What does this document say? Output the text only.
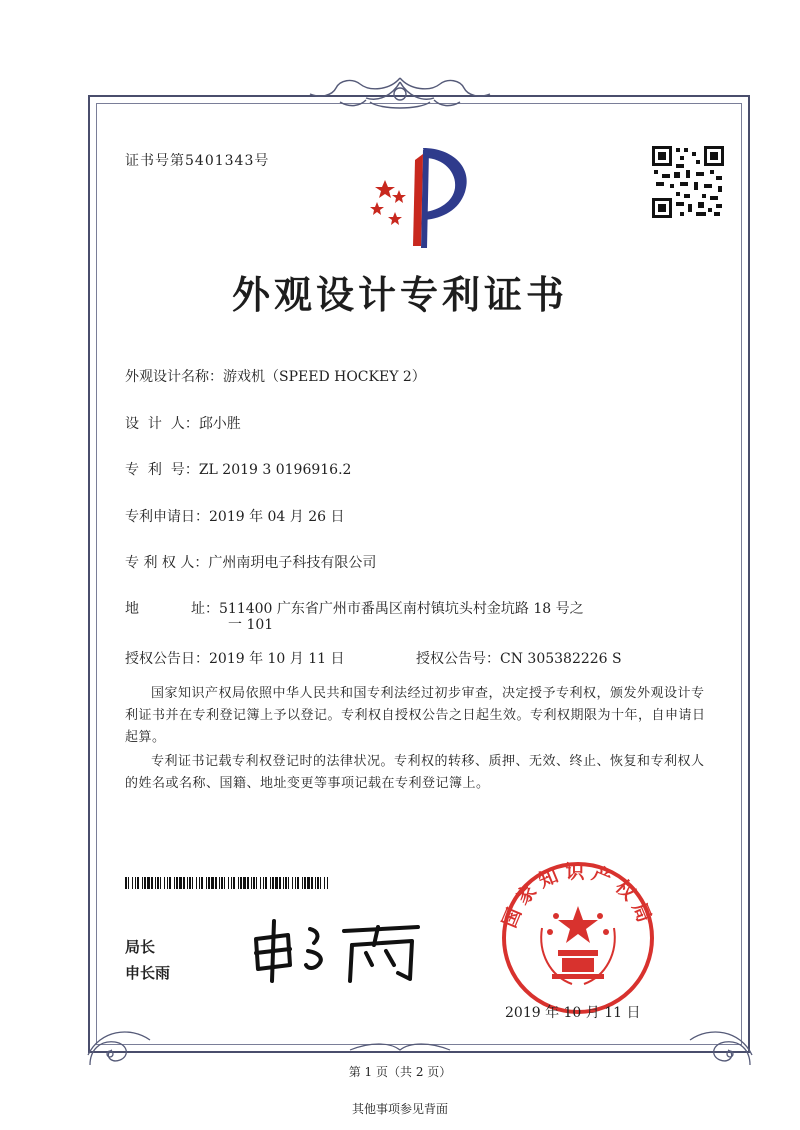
证书号第5401343号
外观设计专利证书
外观设计名称：游戏机（SPEED HOCKEY 2）
设  计  人：邱小胜
专  利  号：ZL 2019 3 0196916.2
专利申请日：2019 年 04 月 26 日
专 利 权 人：广州南玥电子科技有限公司
地	址：511400 广东省广州市番禺区南村镇坑头村金坑路 18 号之
一 101
授权公告日：2019 年 10 月 11 日	授权公告号：CN 305382226 S
国家知识产权局依照中华人民共和国专利法经过初步审查，决定授予专利权，颁发外观设计专利证书并在专利登记簿上予以登记。专利权自授权公告之日起生效。专利权期限为十年，自申请日起算。
专利证书记载专利权登记时的法律状况。专利权的转移、质押、无效、终止、恢复和专利权人的姓名或名称、国籍、地址变更等事项记载在专利登记簿上。
局长
申长雨
国家知识产权局
2019 年 10 月 11 日
第 1 页（共 2 页）
其他事项参见背面
